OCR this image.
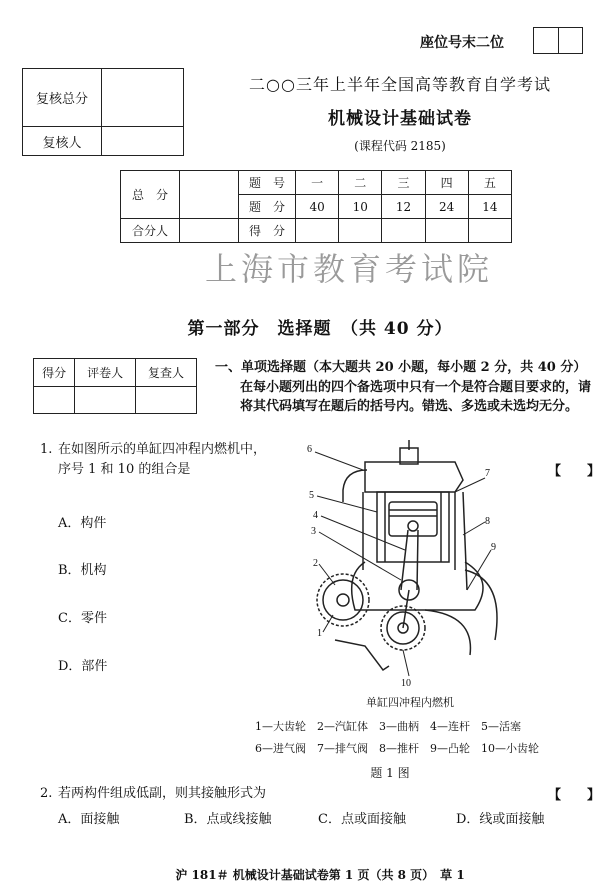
座位号末二位
复核总分	
复核人	
二○○三年上半年全国高等教育自学考试
机械设计基础试卷
(课程代码 2185)
总　分		题　号	一	二	三	四	五
		题　分	40	10	12	24	14
合分人		得　分					
上海市教育考试院
第一部分　选择题　（共 40 分）
得分	评卷人	复查人
		一、单项选择题（本大题共 20 小题，每小题 2 分，共 40 分）
在每小题列出的四个备选项中只有一个是符合题目要求的，请将其代码填写在题后的括号内。错选、多选或未选均无分。
1. 在如图所示的单缸四冲程内燃机中，
序号 1 和 10 的组合是	【　　】
A．构件
B．机构
C．零件
D．部件
6
7
5
4
3
8
9
2
1
10
单缸四冲程内燃机
1—大齿轮　2—汽缸体　3—曲柄　4—连杆　5—活塞
6—进气阀　7—排气阀　8—推杆　9—凸轮　10—小齿轮
题 1 图
2. 若两构件组成低副，则其接触形式为	【　　】
A．面接触	B．点或线接触	C．点或面接触	D．线或面接触
沪 181＃ 机械设计基础试卷第 1 页（共 8 页）　草 1
